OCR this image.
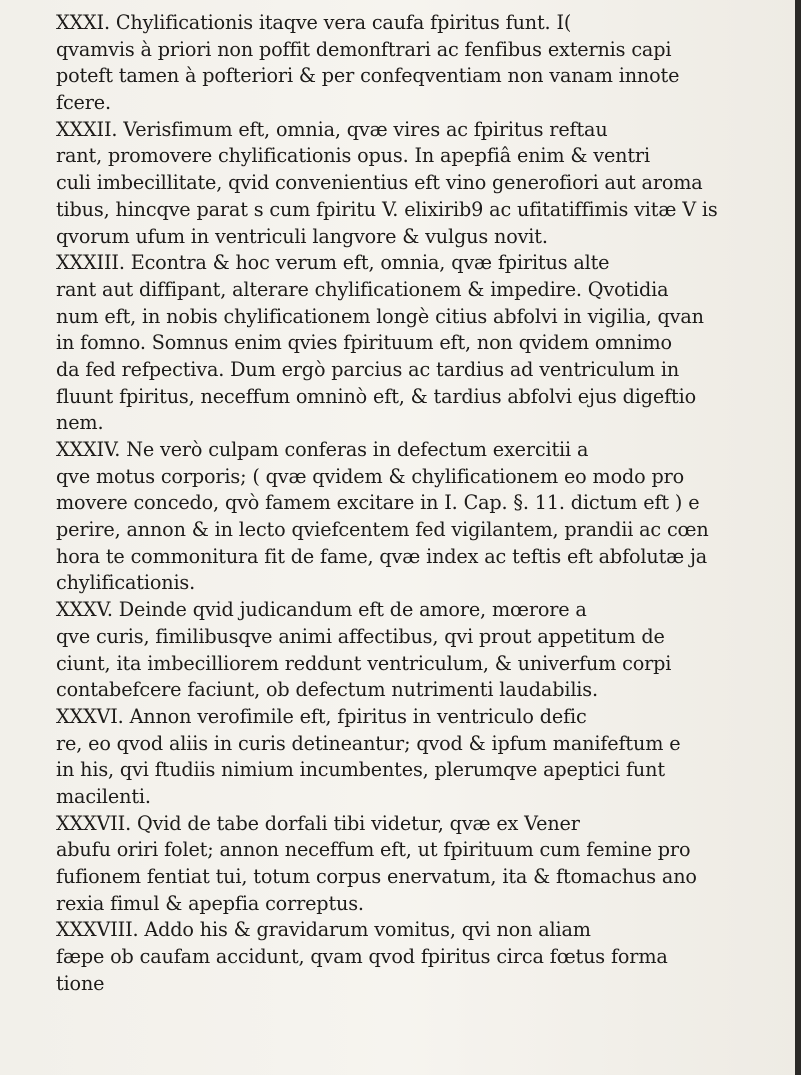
XXXI. Chylificationis itaqve vera caufa fpiritus funt. I(
qvamvis à priori non poffit demonftrari ac fenfibus externis capi
poteft tamen à pofteriori & per confeqventiam non vanam innote
fcere.
XXXII. Verisfimum eft, omnia, qvæ vires ac fpiritus reftau
rant, promovere chylificationis opus. In apepfiâ enim & ventri
culi imbecillitate, qvid convenientius eft vino generofiori aut aroma
tibus, hincqve parat s cum fpiritu V. elixirib9 ac ufitatiffimis vitæ V is
qvorum ufum in ventriculi langvore & vulgus novit.
XXXIII. Econtra & hoc verum eft, omnia, qvæ fpiritus alte
rant aut diffipant, alterare chylificationem & impedire. Qvotidia
num eft, in nobis chylificationem longè citius abfolvi in vigilia, qvan
in fomno. Somnus enim qvies fpirituum eft, non qvidem omnimo
da fed refpectiva. Dum ergò parcius ac tardius ad ventriculum in
fluunt fpiritus, neceffum omninò eft, & tardius abfolvi ejus digeftio
nem.
XXXIV. Ne verò culpam conferas in defectum exercitii a
qve motus corporis; ( qvæ qvidem & chylificationem eo modo pro
movere concedo, qvò famem excitare in I. Cap. §. 11. dictum eft ) e
perire, annon & in lecto qviefcentem fed vigilantem, prandii ac cœn
hora te commonitura fit de fame, qvæ index ac teftis eft abfolutæ ja
chylificationis.
XXXV. Deinde qvid judicandum eft de amore, mœrore a
qve curis, fimilibusqve animi affectibus, qvi prout appetitum de
ciunt, ita imbecilliorem reddunt ventriculum, & univerfum corpi
contabefcere faciunt, ob defectum nutrimenti laudabilis.
XXXVI. Annon verofimile eft, fpiritus in ventriculo defic
re, eo qvod aliis in curis detineantur; qvod & ipfum manifeftum e
in his, qvi ftudiis nimium incumbentes, plerumqve apeptici funt
macilenti.
XXXVII. Qvid de tabe dorfali tibi videtur, qvæ ex Vener
abufu oriri folet; annon neceffum eft, ut fpirituum cum femine pro
fufionem fentiat tui, totum corpus enervatum, ita & ftomachus ano
rexia fimul & apepfia correptus.
XXXVIII. Addo his & gravidarum vomitus, qvi non aliam
fæpe ob caufam accidunt, qvam qvod fpiritus circa fœtus forma
tione
